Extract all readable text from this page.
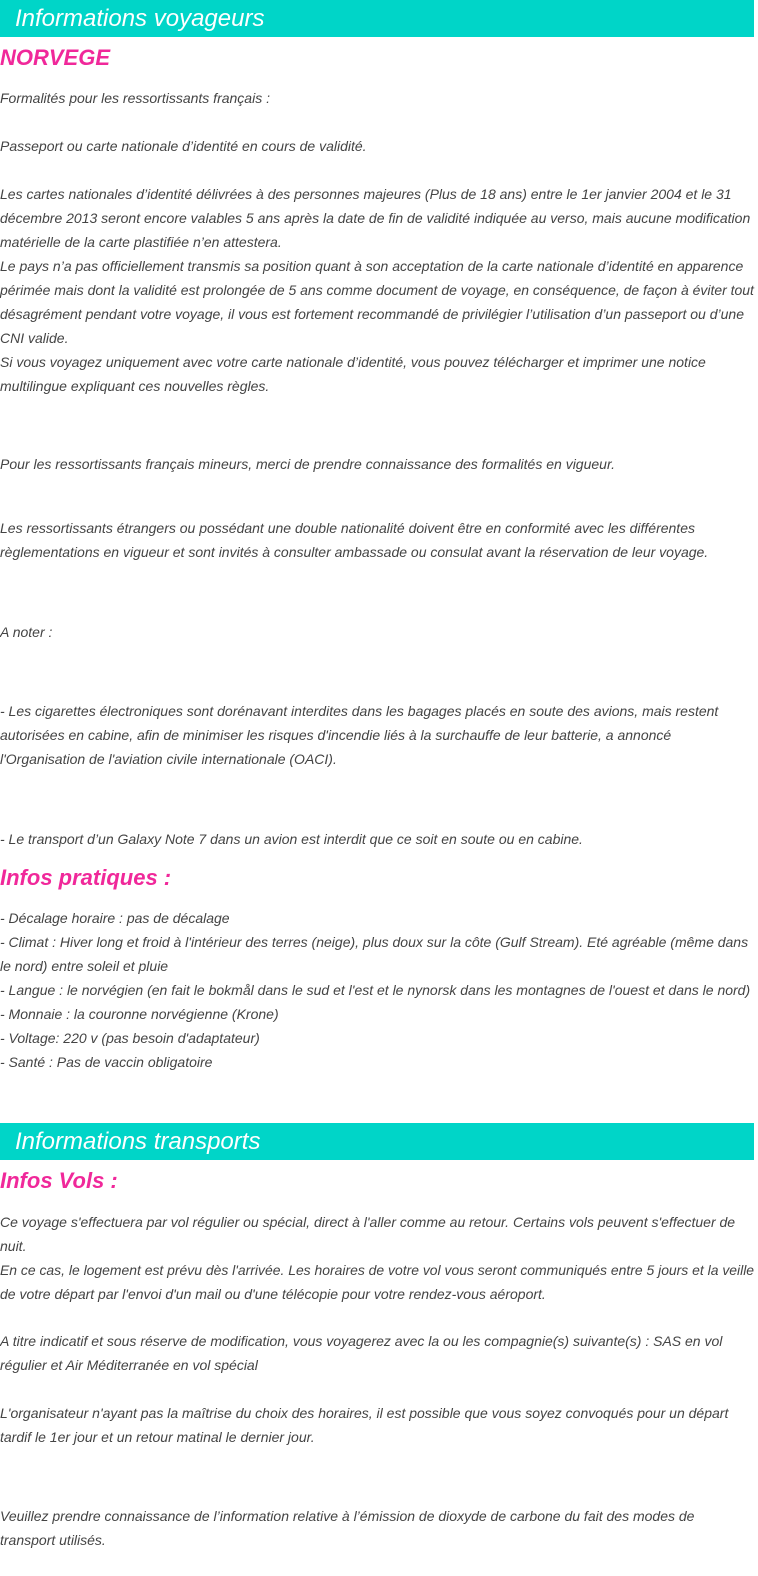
Informations voyageurs
NORVEGE

Formalités pour les ressortissants français :

Passeport ou carte nationale d’identité en cours de validité.

Les cartes nationales d’identité délivrées à des personnes majeures (Plus de 18 ans) entre le 1er janvier 2004 et le 31
décembre 2013 seront encore valables 5 ans après la date de fin de validité indiquée au verso, mais aucune modification
matérielle de la carte plastifiée n’en attestera.
Le pays n’a pas officiellement transmis sa position quant à son acceptation de la carte nationale d’identité en apparence
périmée mais dont la validité est prolongée de 5 ans comme document de voyage, en conséquence, de façon à éviter tout
désagrément pendant votre voyage, il vous est fortement recommandé de privilégier l’utilisation d’un passeport ou d’une
CNI valide.
Si vous voyagez uniquement avec votre carte nationale d’identité, vous pouvez télécharger et imprimer une notice
multilingue expliquant ces nouvelles règles.

Pour les ressortissants français mineurs, merci de prendre connaissance des formalités en vigueur.

Les ressortissants étrangers ou possédant une double nationalité doivent être en conformité avec les différentes
règlementations en vigueur et sont invités à consulter ambassade ou consulat avant la réservation de leur voyage.

A noter :

- Les cigarettes électroniques sont dorénavant interdites dans les bagages placés en soute des avions, mais restent
autorisées en cabine, afin de minimiser les risques d'incendie liés à la surchauffe de leur batterie, a annoncé
l'Organisation de l'aviation civile internationale (OACI).

- Le transport d’un Galaxy Note 7 dans un avion est interdit que ce soit en soute ou en cabine.

Infos pratiques :

- Décalage horaire : pas de décalage
- Climat : Hiver long et froid à l'intérieur des terres (neige), plus doux sur la côte (Gulf Stream). Eté agréable (même dans
le nord) entre soleil et pluie
- Langue : le norvégien (en fait le bokmål dans le sud et l'est et le nynorsk dans les montagnes de l'ouest et dans le nord)
- Monnaie : la couronne norvégienne (Krone)
- Voltage: 220 v (pas besoin d'adaptateur)
- Santé : Pas de vaccin obligatoire

Informations transports
Infos Vols :

Ce voyage s'effectuera par vol régulier ou spécial, direct à l'aller comme au retour. Certains vols peuvent s'effectuer de
nuit.
En ce cas, le logement est prévu dès l'arrivée. Les horaires de votre vol vous seront communiqués entre 5 jours et la veille
de votre départ par l'envoi d'un mail ou d'une télécopie pour votre rendez-vous aéroport.

A titre indicatif et sous réserve de modification, vous voyagerez avec la ou les compagnie(s) suivante(s) : SAS en vol
régulier et Air Méditerranée en vol spécial

L'organisateur n'ayant pas la maîtrise du choix des horaires, il est possible que vous soyez convoqués pour un départ
tardif le 1er jour et un retour matinal le dernier jour.

Veuillez prendre connaissance de l’information relative à l’émission de dioxyde de carbone du fait des modes de
transport utilisés.
